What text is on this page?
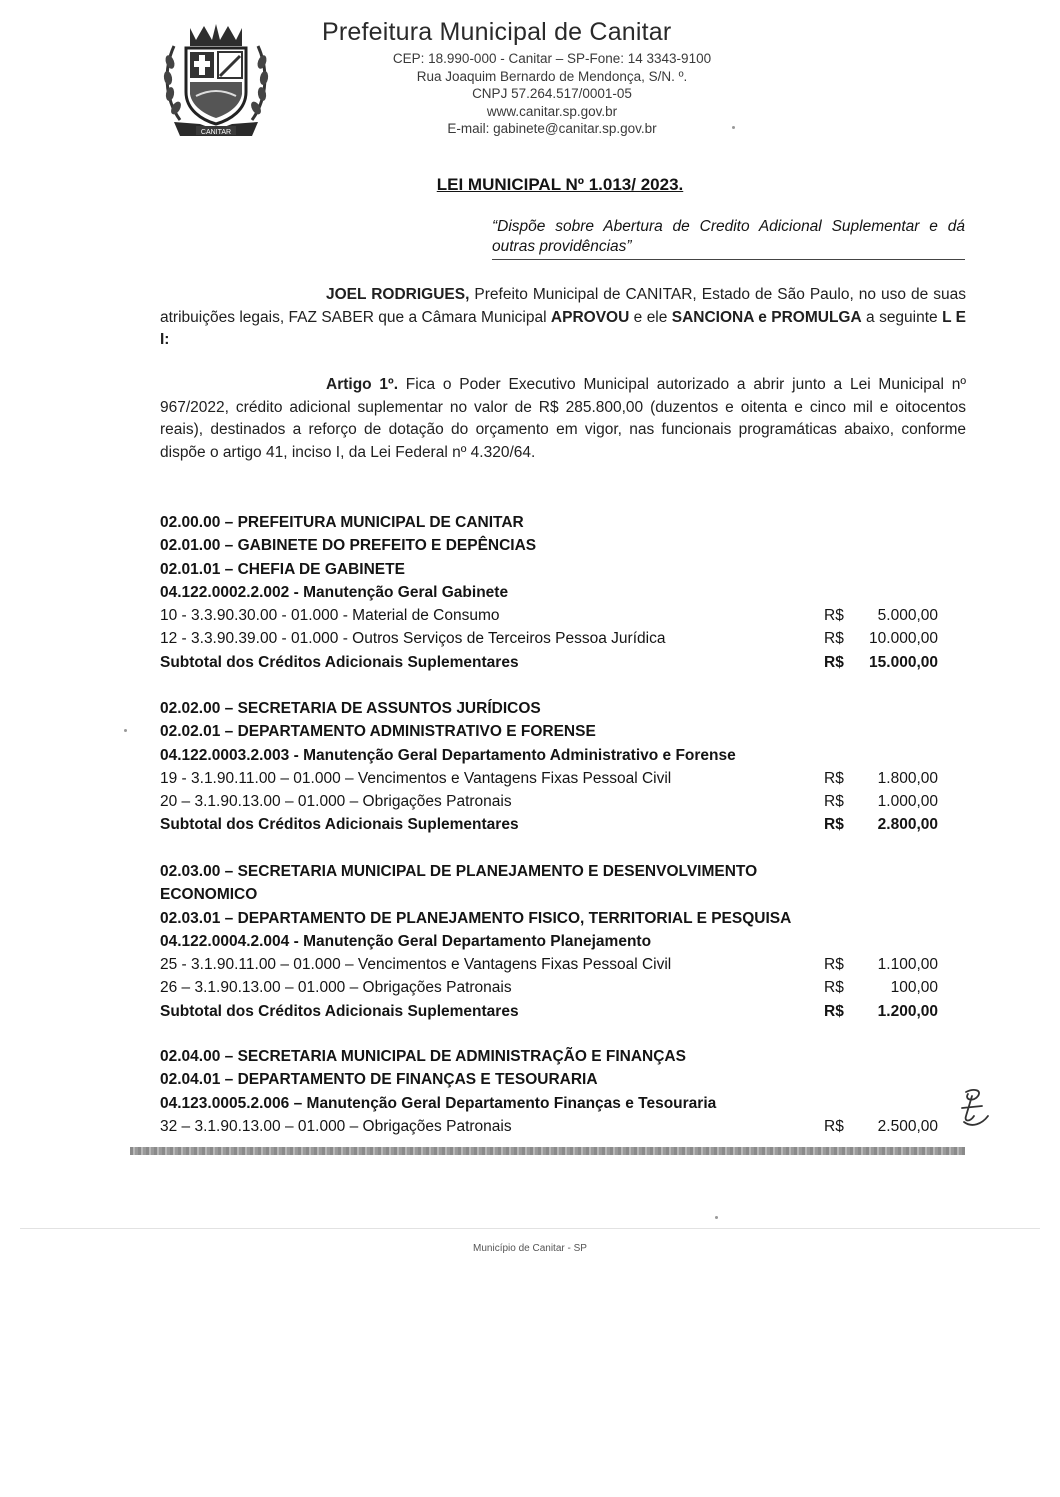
CANITAR
Prefeitura Municipal de Canitar
CEP: 18.990-000 - Canitar – SP-Fone: 14 3343-9100
Rua Joaquim Bernardo de Mendonça, S/N. º.
CNPJ 57.264.517/0001-05
www.canitar.sp.gov.br
E-mail: gabinete@canitar.sp.gov.br
LEI MUNICIPAL Nº 1.013/ 2023.
“Dispõe sobre Abertura de Credito Adicional Suplementar e dá outras providências”
JOEL RODRIGUES, Prefeito Municipal de CANITAR, Estado de São Paulo, no uso de suas atribuições legais, FAZ SABER que a Câmara Municipal APROVOU e ele SANCIONA e PROMULGA a seguinte L E I:
Artigo 1º. Fica o Poder Executivo Municipal autorizado a abrir junto a Lei Municipal nº 967/2022, crédito adicional suplementar no valor de R$ 285.800,00 (duzentos e oitenta e cinco mil e oitocentos reais), destinados a reforço de dotação do orçamento em vigor, nas funcionais programáticas abaixo, conforme dispõe o artigo 41, inciso I, da Lei Federal nº 4.320/64.
02.00.00 – PREFEITURA MUNICIPAL DE CANITAR
02.01.00 – GABINETE DO PREFEITO E DEPÊNCIAS
02.01.01 – CHEFIA DE GABINETE
04.122.0002.2.002 - Manutenção Geral Gabinete
10 - 3.3.90.30.00 - 01.000 - Material de Consumo	R$	5.000,00
12 - 3.3.90.39.00 - 01.000 - Outros Serviços de Terceiros Pessoa Jurídica	R$	10.000,00
Subtotal dos Créditos Adicionais Suplementares	R$	15.000,00
02.02.00 – SECRETARIA DE ASSUNTOS JURÍDICOS
02.02.01 – DEPARTAMENTO ADMINISTRATIVO E FORENSE
04.122.0003.2.003 - Manutenção Geral Departamento Administrativo e Forense
19 - 3.1.90.11.00 – 01.000 – Vencimentos e Vantagens Fixas Pessoal Civil	R$	1.800,00
20 – 3.1.90.13.00 – 01.000 – Obrigações Patronais	R$	1.000,00
Subtotal dos Créditos Adicionais Suplementares	R$	2.800,00
02.03.00 – SECRETARIA MUNICIPAL DE PLANEJAMENTO E DESENVOLVIMENTO
ECONOMICO
02.03.01 – DEPARTAMENTO DE PLANEJAMENTO FISICO, TERRITORIAL E PESQUISA
04.122.0004.2.004 - Manutenção Geral Departamento Planejamento
25 - 3.1.90.11.00 – 01.000 – Vencimentos e Vantagens Fixas Pessoal Civil	R$	1.100,00
26 – 3.1.90.13.00 – 01.000 – Obrigações Patronais	R$	100,00
Subtotal dos Créditos Adicionais Suplementares	R$	1.200,00
02.04.00 – SECRETARIA MUNICIPAL DE ADMINISTRAÇÃO E FINANÇAS
02.04.01 – DEPARTAMENTO DE FINANÇAS E TESOURARIA
04.123.0005.2.006 – Manutenção Geral Departamento Finanças e Tesouraria
32 – 3.1.90.13.00 – 01.000 – Obrigações Patronais	R$	2.500,00
Município de Canitar - SP
